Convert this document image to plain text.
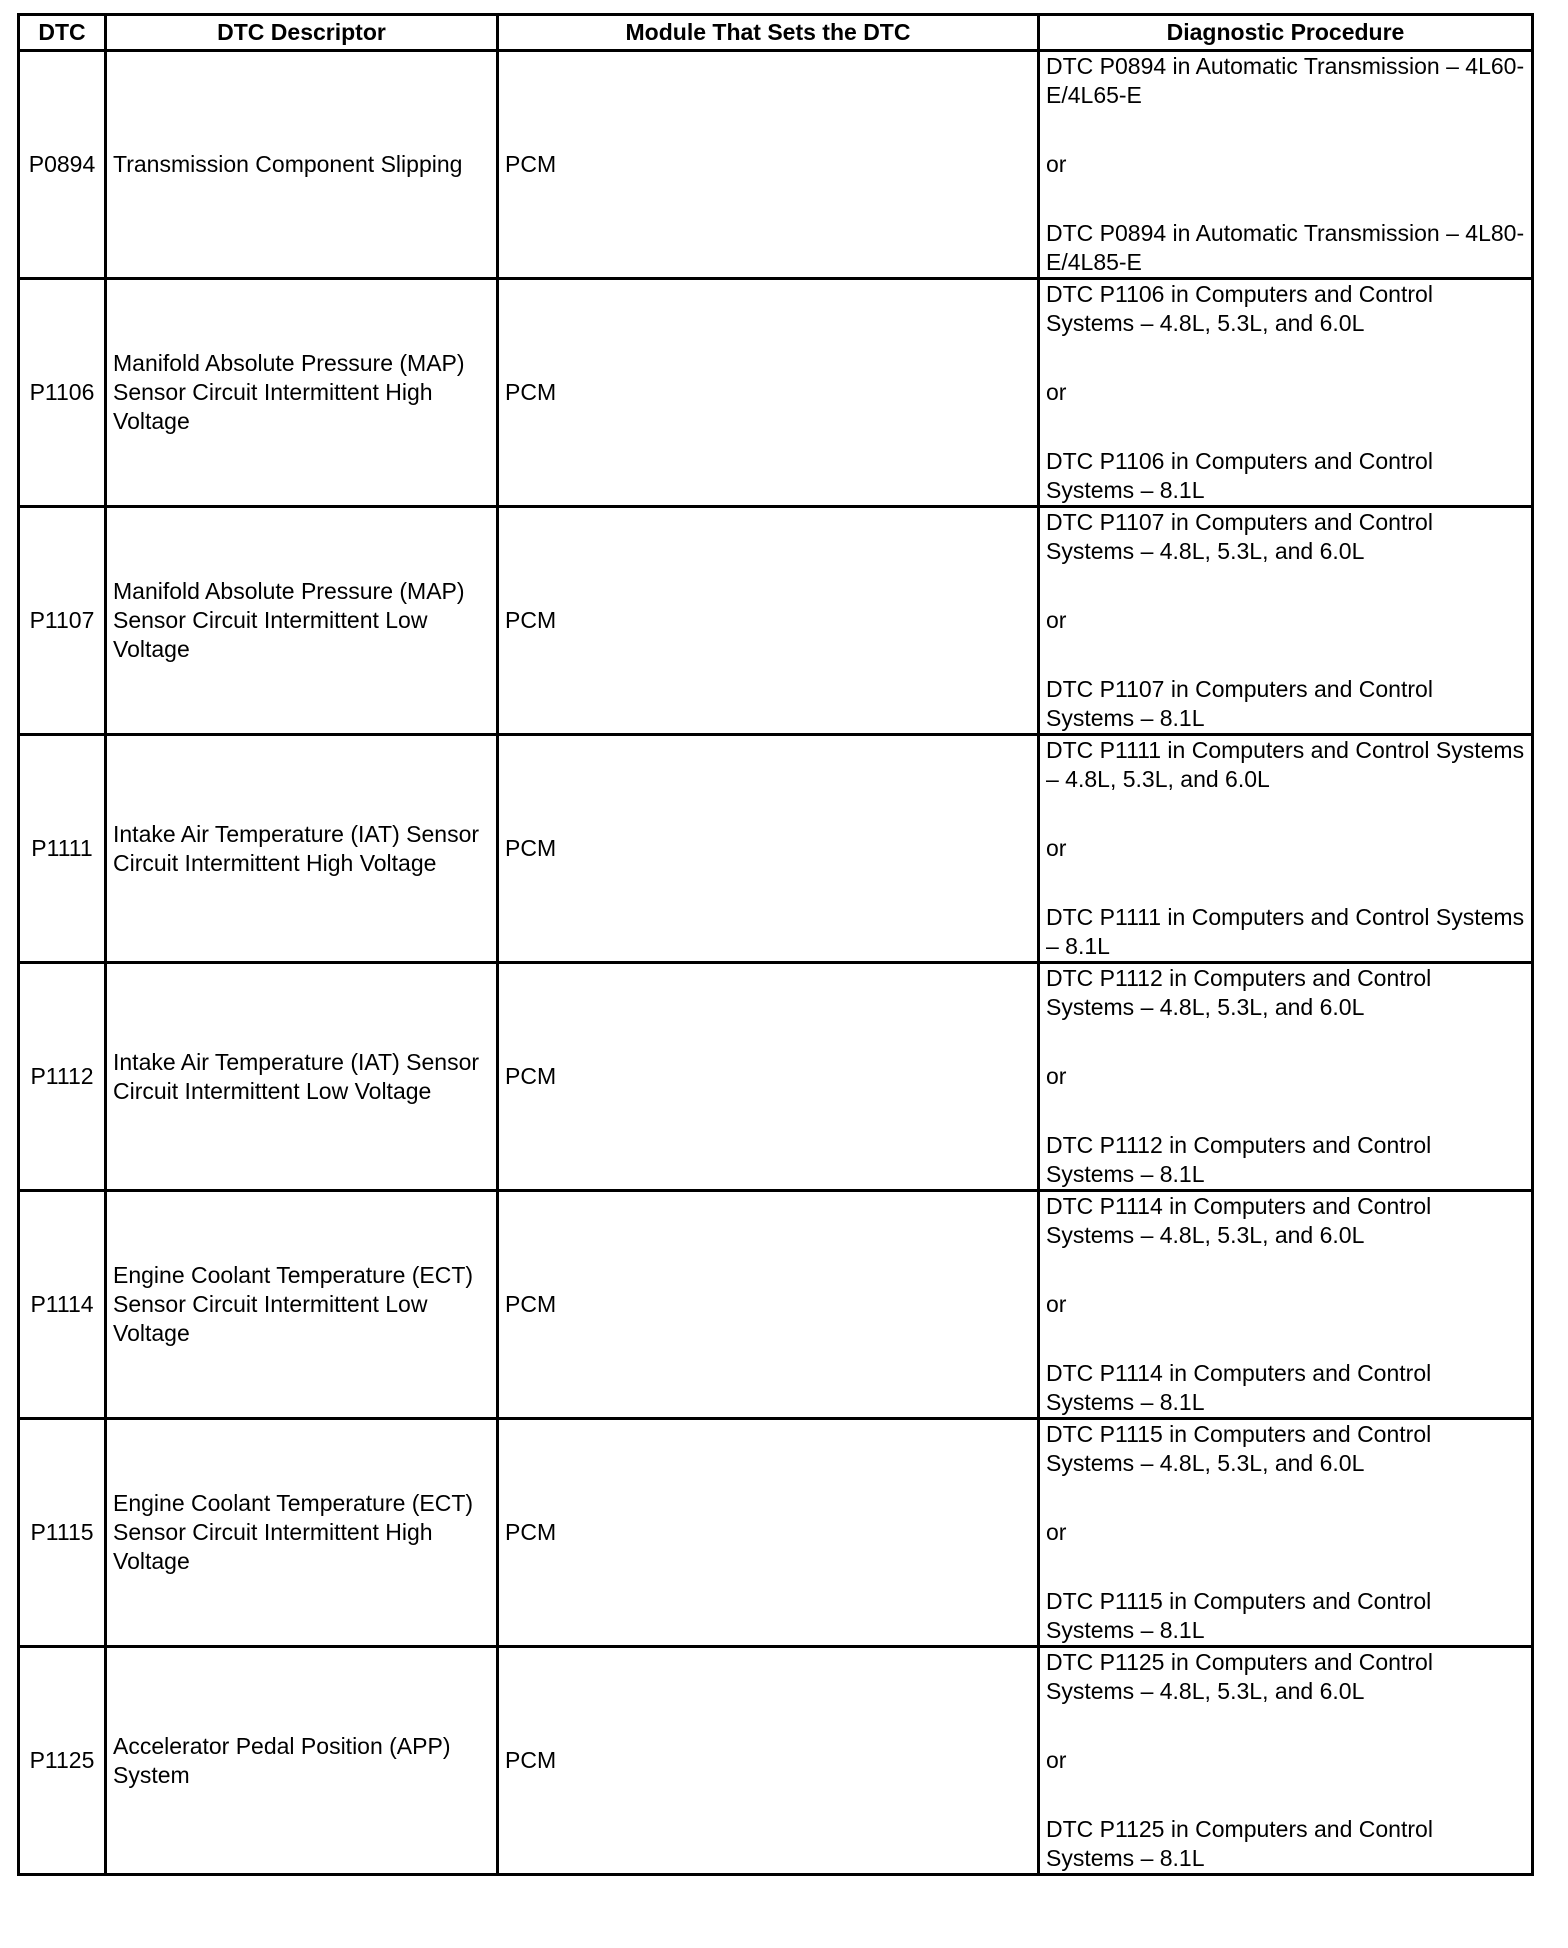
DTC	DTC Descriptor	Module That Sets the DTC	Diagnostic Procedure
P0894	Transmission Component Slipping	PCM	DTC P0894 in Automatic Transmission – 4L60-E/4L65-E
or
DTC P0894 in Automatic Transmission – 4L80-E/4L85-E

P1106	Manifold Absolute Pressure (MAP) Sensor Circuit Intermittent High Voltage	PCM	DTC P1106 in Computers and Control Systems – 4.8L, 5.3L, and 6.0L
or
DTC P1106 in Computers and Control Systems – 8.1L

P1107	Manifold Absolute Pressure (MAP) Sensor Circuit Intermittent Low Voltage	PCM	DTC P1107 in Computers and Control Systems – 4.8L, 5.3L, and 6.0L
or
DTC P1107 in Computers and Control Systems – 8.1L

P1111	Intake Air Temperature (IAT) Sensor Circuit Intermittent High Voltage	PCM	DTC P1111 in Computers and Control Systems – 4.8L, 5.3L, and 6.0L
or
DTC P1111 in Computers and Control Systems – 8.1L

P1112	Intake Air Temperature (IAT) Sensor Circuit Intermittent Low Voltage	PCM	DTC P1112 in Computers and Control Systems – 4.8L, 5.3L, and 6.0L
or
DTC P1112 in Computers and Control Systems – 8.1L

P1114	Engine Coolant Temperature (ECT) Sensor Circuit Intermittent Low Voltage	PCM	DTC P1114 in Computers and Control Systems – 4.8L, 5.3L, and 6.0L
or
DTC P1114 in Computers and Control Systems – 8.1L

P1115	Engine Coolant Temperature (ECT) Sensor Circuit Intermittent High Voltage	PCM	DTC P1115 in Computers and Control Systems – 4.8L, 5.3L, and 6.0L
or
DTC P1115 in Computers and Control Systems – 8.1L

P1125	Accelerator Pedal Position (APP) System	PCM	DTC P1125 in Computers and Control Systems – 4.8L, 5.3L, and 6.0L
or
DTC P1125 in Computers and Control Systems – 8.1L
